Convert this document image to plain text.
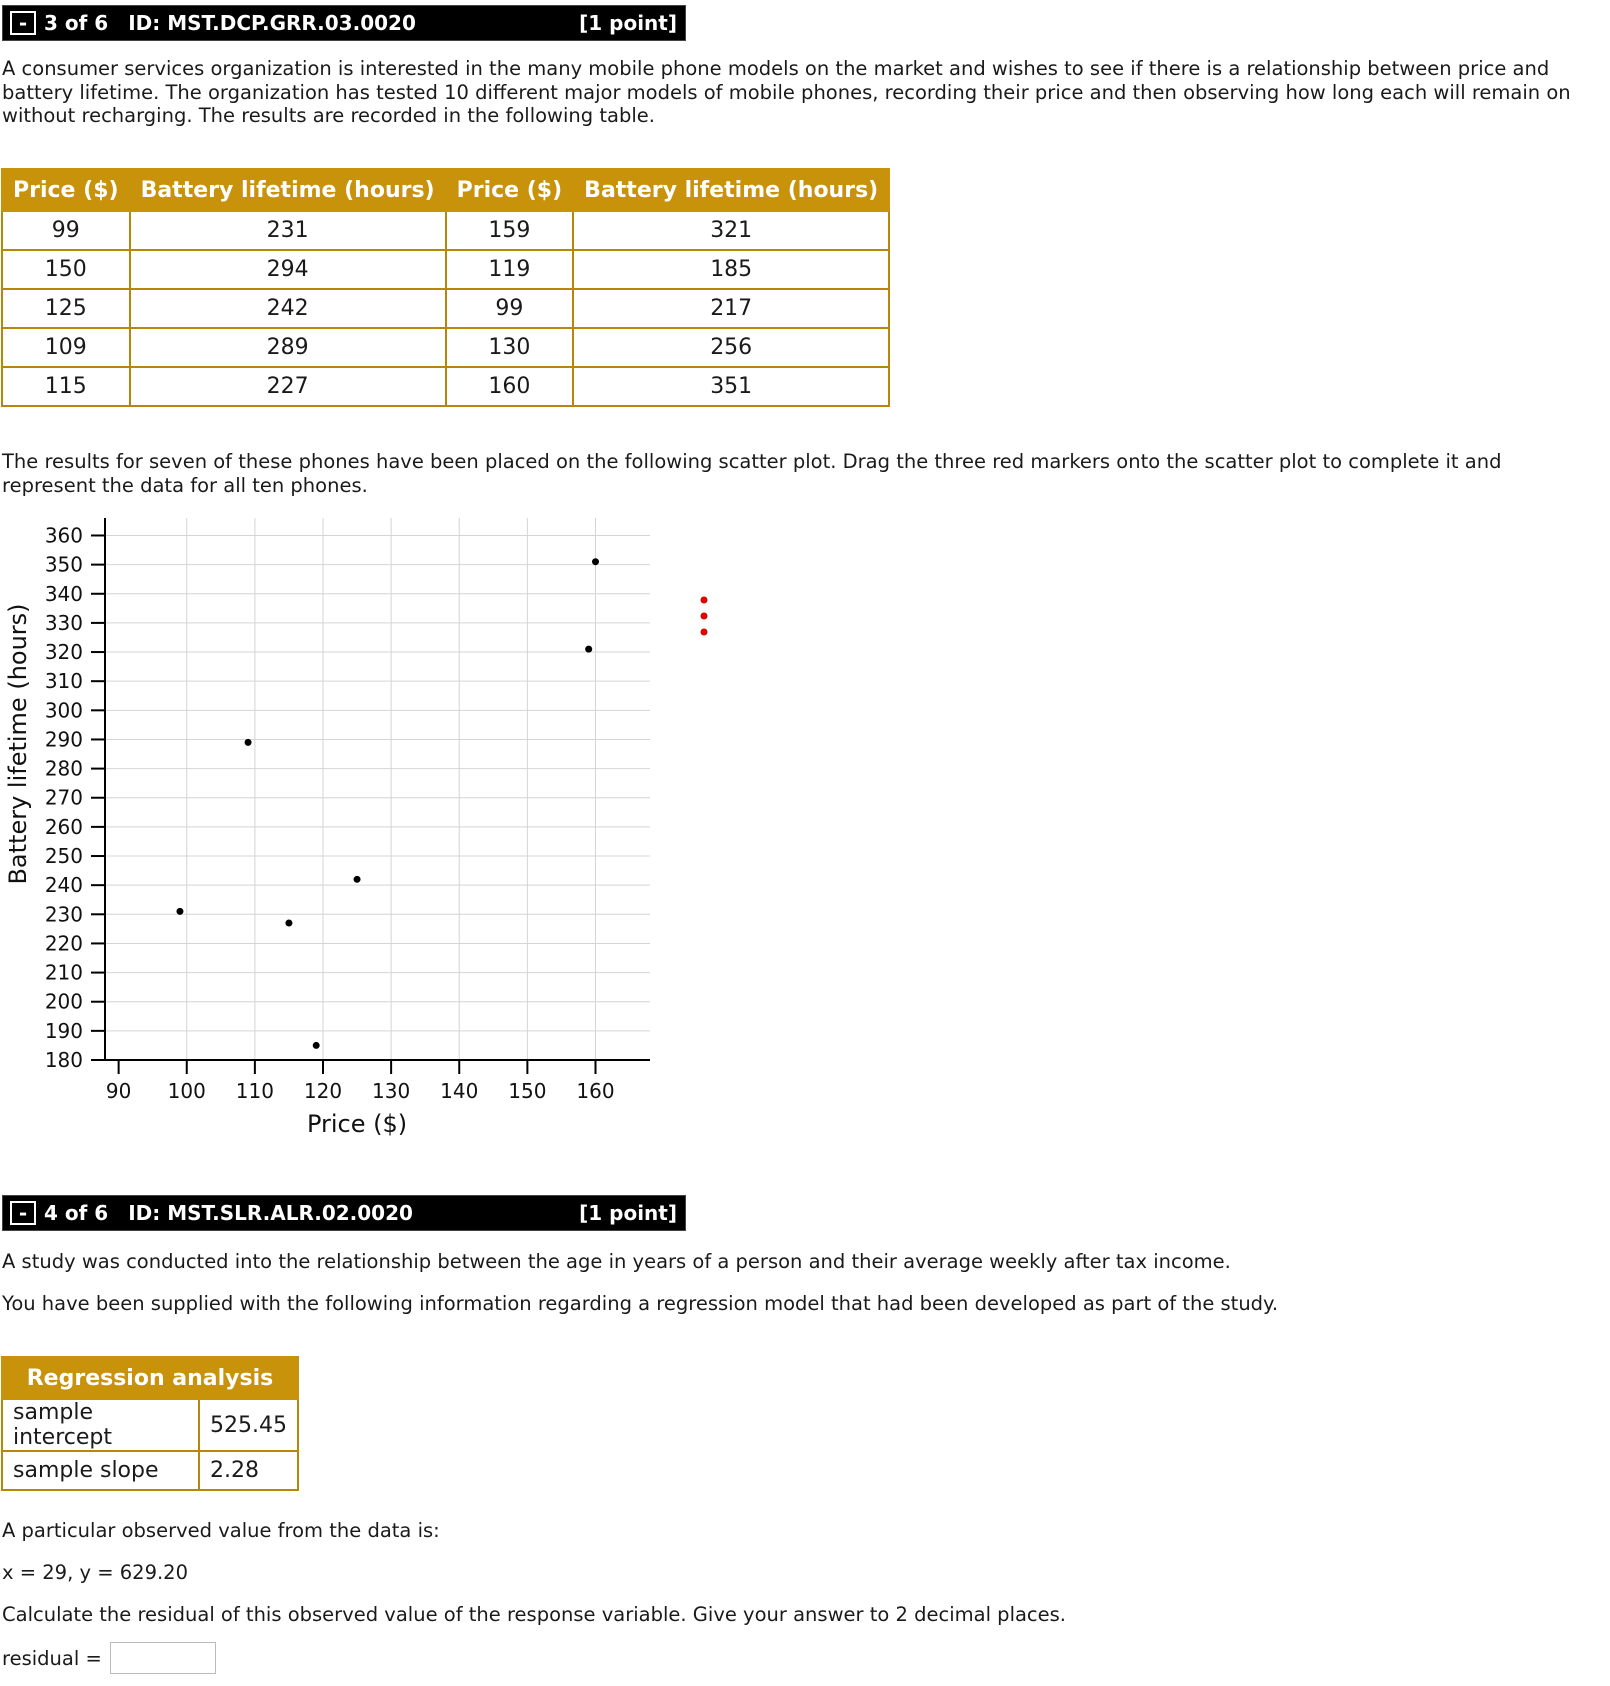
- 3 of 6 ID: MST.DCP.GRR.03.0020	[1 point]

A consumer services organization is interested in the many mobile phone models on the market and wishes to see if there is a relationship between price and battery lifetime. The organization has tested 10 different major models of mobile phones, recording their price and then observing how long each will remain on without recharging. The results are recorded in the following table.

Price ($)	Battery lifetime (hours)	Price ($)	Battery lifetime (hours)
99	231	159	321
150	294	119	185
125	242	99	217
109	289	130	256
115	227	160	351

The results for seven of these phones have been placed on the following scatter plot. Drag the three red markers onto the scatter plot to complete it and represent the data for all ten phones.

180
190
200
210
220
230
240
250
260
270
280
290
300
310
320
330
340
350
360
90 100 110 120 130 140 150 160
Price ($)
Battery lifetime (hours)
- 4 of 6 ID: MST.SLR.ALR.02.0020	[1 point]

A study was conducted into the relationship between the age in years of a person and their average weekly after tax income.

You have been supplied with the following information regarding a regression model that had been developed as part of the study.

Regression analysis	
sample intercept	525.45
sample slope	2.28

A particular observed value from the data is:

x = 29, y = 629.20

Calculate the residual of this observed value of the response variable. Give your answer to 2 decimal places.

residual =
